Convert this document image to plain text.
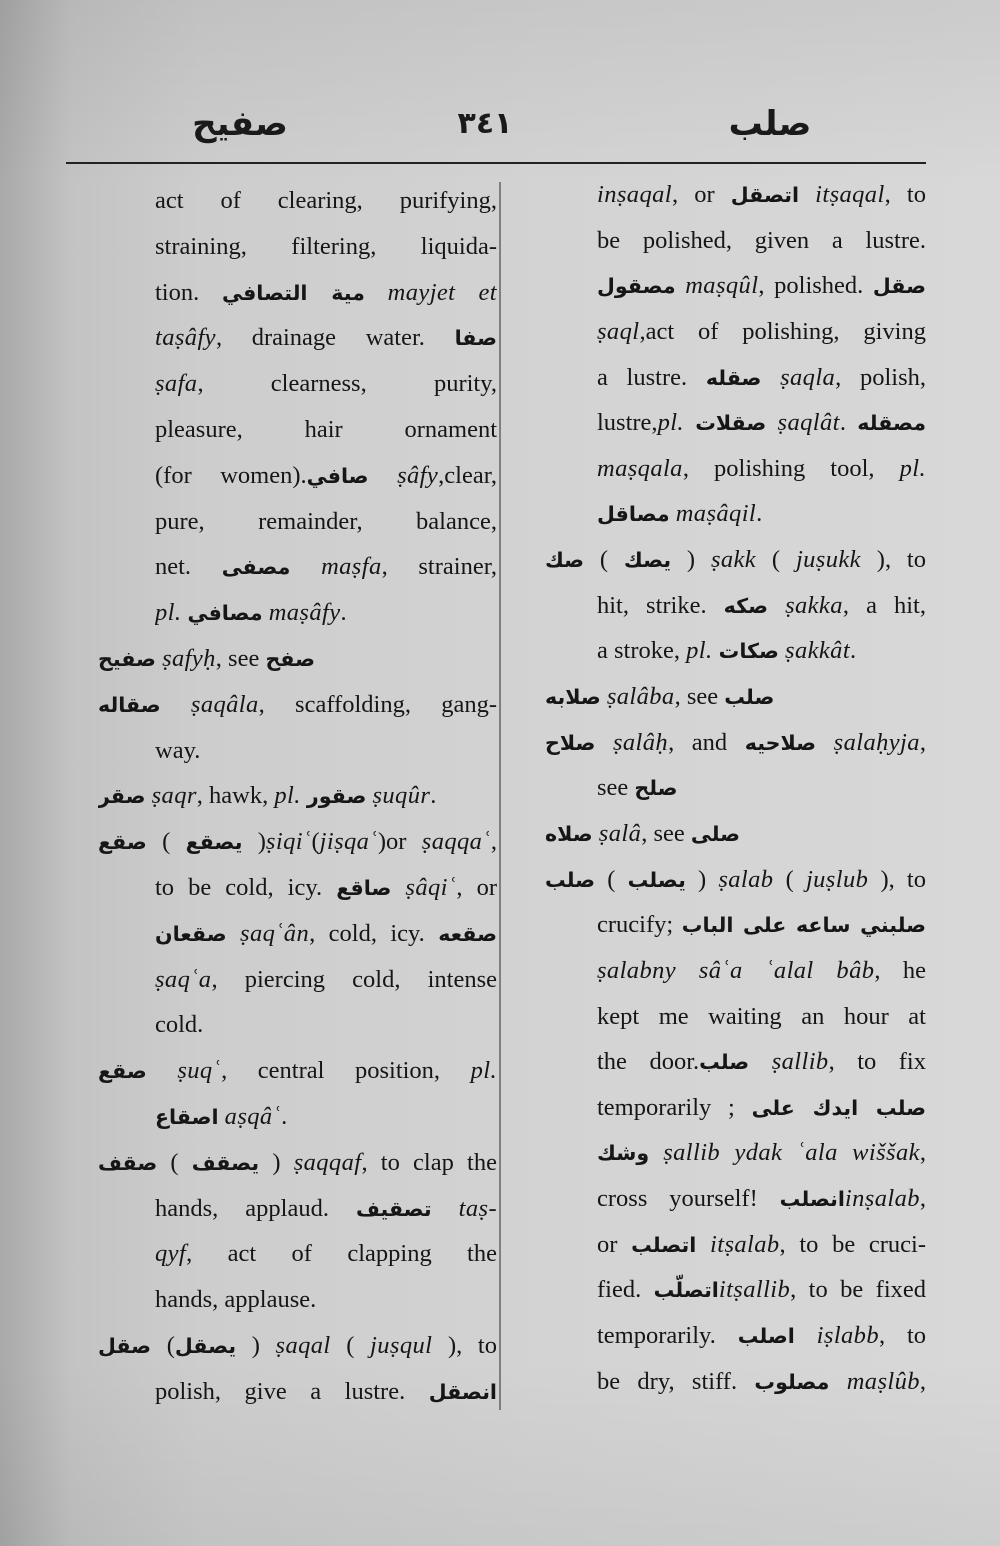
صفيح	٣٤١	صلب
act of clearing, purifying,
straining, filtering, liquida-
tion. مية التصافي mayjet et
taṣâfy, drainage water. صفا
ṣafa, clearness, purity,
pleasure, hair ornament
(for women).صافي ṣâfy,clear,
pure, remainder, balance,
net. مصفى maṣfa, strainer,
pl. مصافي maṣâfy.
صفيح ṣafyḥ, see صفح
صقاله ṣaqâla, scaffolding, gang-
way.
صقر ṣaqr, hawk, pl. صقور ṣuqûr.
صقع ( يصقع )ṣiqiʿ(jiṣqaʿ)or ṣaqqaʿ,
to be cold, icy. صاقع ṣâqiʿ, or
صقعان ṣaqʿân, cold, icy. صقعه
ṣaqʿa, piercing cold, intense
cold.
صقع ṣuqʿ, central position, pl.
اصقاع aṣqâʿ.
صقف ( يصقف ) ṣaqqaf, to clap the
hands, applaud. تصقيف taṣ-
qyf, act of clapping the
hands, applause.
صقل (يصقل ) ṣaqal ( juṣqul ), to
polish, give a lustre. انصقل
inṣaqal, or اتصقل itṣaqal, to
be polished, given a lustre.
مصقول maṣqûl, polished. صقل
ṣaql,act of polishing, giving
a lustre. صقله ṣaqla, polish,
lustre,pl. صقلات ṣaqlât. مصقله
maṣqala, polishing tool, pl.
مصاقل maṣâqil.
صك ( يصك ) ṣakk ( juṣukk ), to
hit, strike. صكه ṣakka, a hit,
a stroke, pl. صكات ṣakkât.
صلابه ṣalâba, see صلب
صلاح ṣalâḥ, and صلاحيه ṣalaḥyja,
see صلح
صلاه ṣalâ, see صلى
صلب ( يصلب ) ṣalab ( juṣlub ), to
crucify; صلبني ساعه على الباب
ṣalabny sâʿa ʿalal bâb, he
kept me waiting an hour at
the door.صلب ṣallib, to fix
temporarily ; صلب ايدك على
وشك ṣallib ydak ʿala wiššak,
cross yourself! انصلبinṣalab,
or اتصلب itṣalab, to be cruci-
fied. اتصلّبitṣallib, to be fixed
temporarily. اصلب iṣlabb, to
be dry, stiff. مصلوب maṣlûb,
